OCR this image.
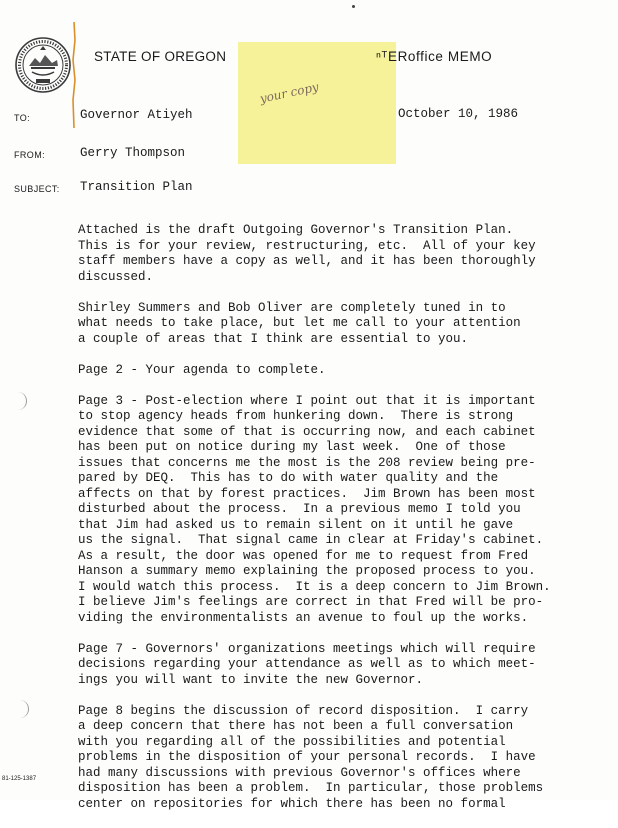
STATE OF OREGON
your copy
ⁿᵀERoffice MEMO
TO:	Governor Atiyeh	October 10, 1986
FROM:	Gerry Thompson
SUBJECT: Transition Plan

Attached is the draft Outgoing Governor's Transition Plan.
This is for your review, restructuring, etc.  All of your key
staff members have a copy as well, and it has been thoroughly
discussed.

Shirley Summers and Bob Oliver are completely tuned in to
what needs to take place, but let me call to your attention
a couple of areas that I think are essential to you.

Page 2 - Your agenda to complete.

Page 3 - Post-election where I point out that it is important
to stop agency heads from hunkering down.  There is strong
evidence that some of that is occurring now, and each cabinet
has been put on notice during my last week.  One of those
issues that concerns me the most is the 208 review being pre-
pared by DEQ.  This has to do with water quality and the
affects on that by forest practices.  Jim Brown has been most
disturbed about the process.  In a previous memo I told you
that Jim had asked us to remain silent on it until he gave
us the signal.  That signal came in clear at Friday's cabinet.
As a result, the door was opened for me to request from Fred
Hanson a summary memo explaining the proposed process to you.
I would watch this process.  It is a deep concern to Jim Brown.
I believe Jim's feelings are correct in that Fred will be pro-
viding the environmentalists an avenue to foul up the works.

Page 7 - Governors' organizations meetings which will require
decisions regarding your attendance as well as to which meet-
ings you will want to invite the new Governor.

Page 8 begins the discussion of record disposition.  I carry
a deep concern that there has not been a full conversation
with you regarding all of the possibilities and potential
problems in the disposition of your personal records.  I have
had many discussions with previous Governor's offices where
disposition has been a problem.  In particular, those problems
center on repositories for which there has been no formal

81-125-1387
